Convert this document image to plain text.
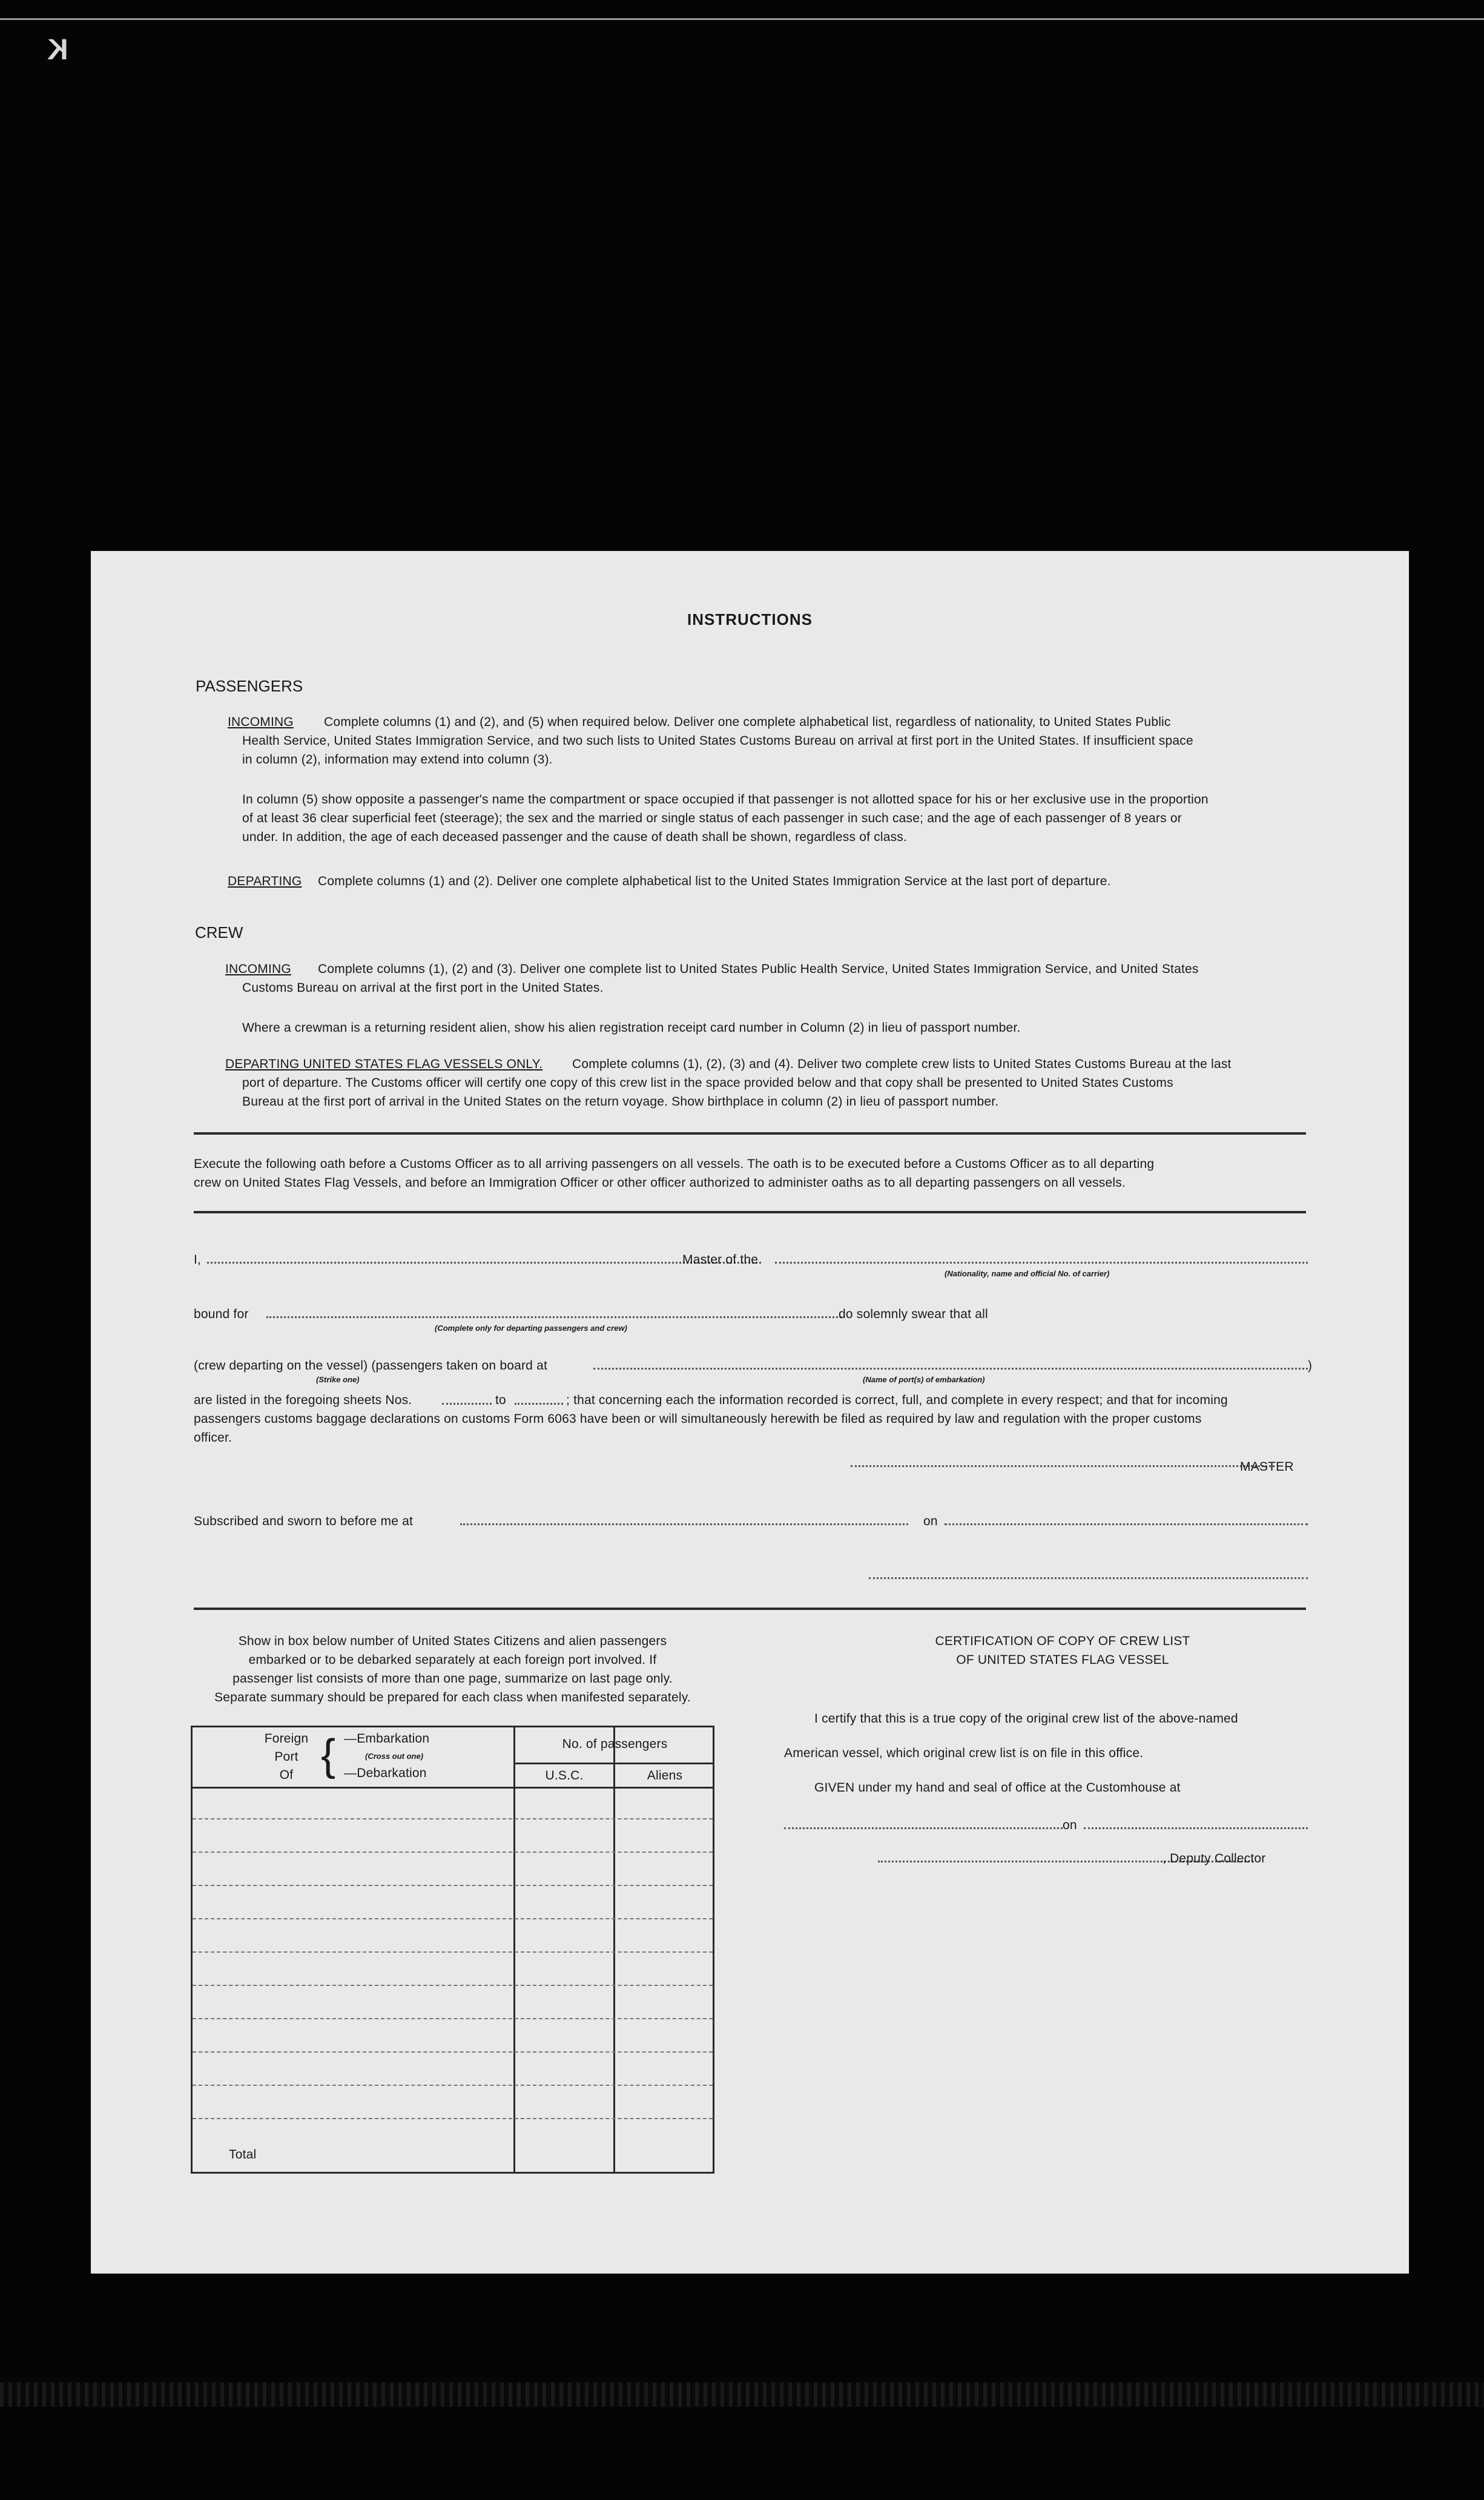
K
INSTRUCTIONS
PASSENGERS
INCOMING Complete columns (1) and (2), and (5) when required below. Deliver one complete alphabetical list, regardless of nationality, to United States Public
Health Service, United States Immigration Service, and two such lists to United States Customs Bureau on arrival at first port in the United States. If insufficient space
in column (2), information may extend into column (3).
In column (5) show opposite a passenger's name the compartment or space occupied if that passenger is not allotted space for his or her exclusive use in the proportion
of at least 36 clear superficial feet (steerage); the sex and the married or single status of each passenger in such case; and the age of each passenger of 8 years or
under. In addition, the age of each deceased passenger and the cause of death shall be shown, regardless of class.
DEPARTING Complete columns (1) and (2). Deliver one complete alphabetical list to the United States Immigration Service at the last port of departure.
CREW
INCOMING Complete columns (1), (2) and (3). Deliver one complete list to United States Public Health Service, United States Immigration Service, and United States
Customs Bureau on arrival at the first port in the United States.
Where a crewman is a returning resident alien, show his alien registration receipt card number in Column (2) in lieu of passport number.
DEPARTING UNITED STATES FLAG VESSELS ONLY. Complete columns (1), (2), (3) and (4). Deliver two complete crew lists to United States Customs Bureau at the last
port of departure. The Customs officer will certify one copy of this crew list in the space provided below and that copy shall be presented to United States Customs
Bureau at the first port of arrival in the United States on the return voyage. Show birthplace in column (2) in lieu of passport number.
Execute the following oath before a Customs Officer as to all arriving passengers on all vessels. The oath is to be executed before a Customs Officer as to all departing
crew on United States Flag Vessels, and before an Immigration Officer or other officer authorized to administer oaths as to all departing passengers on all vessels.
I,	Master of the
(Nationality, name and official No. of carrier)
bound for
(Complete only for departing passengers and crew)
do solemnly swear that all
(crew departing on the vessel) (passengers taken on board at	)
(Strike one)	(Name of port(s) of embarkation)
are listed in the foregoing sheets Nos.	to	; that concerning each the information recorded is correct, full, and complete in every respect; and that for incoming
passengers customs baggage declarations on customs Form 6063 have been or will simultaneously herewith be filed as required by law and regulation with the proper customs
officer.
MASTER
Subscribed and sworn to before me at	on
Show in box below number of United States Citizens and alien passengers
embarked or to be debarked separately at each foreign port involved. If
passenger list consists of more than one page, summarize on last page only.
Separate summary should be prepared for each class when manifested separately.
Foreign
Port
Of { —Embarkation
(Cross out one)
—Debarkation
No. of passengers
U.S.C.	Aliens
Total
CERTIFICATION OF COPY OF CREW LIST
OF UNITED STATES FLAG VESSEL
I certify that this is a true copy of the original crew list of the above-named
American vessel, which original crew list is on file in this office.
GIVEN under my hand and seal of office at the Customhouse at
on
, Deputy Collector
